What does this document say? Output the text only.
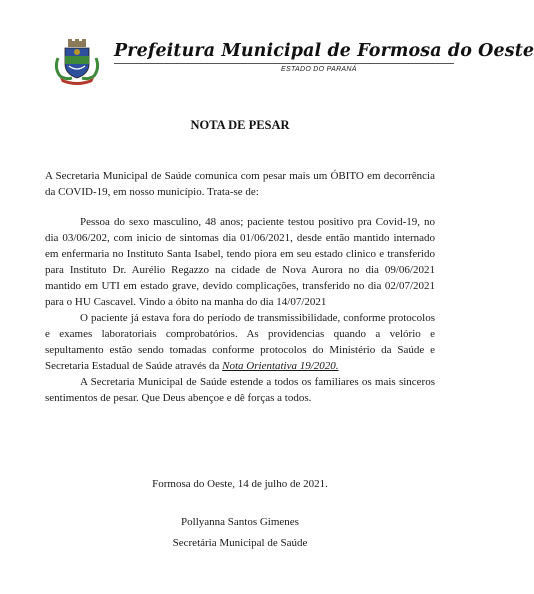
Prefeitura Municipal de Formosa do Oeste
ESTADO DO PARANÁ
NOTA DE PESAR

A Secretaria Municipal de Saúde comunica com pesar mais um ÓBITO em decorrência da COVID-19, em nosso município. Trata-se de:

Pessoa do sexo masculino, 48 anos; paciente testou positivo pra Covid-19, no dia 03/06/202, com inicio de sintomas dia 01/06/2021, desde então mantido internado em enfermaria no Instituto Santa Isabel, tendo piora em seu estado clinico e transferido para Instituto Dr. Aurélio Regazzo na cidade de Nova Aurora no dia 09/06/2021 mantido em UTI em estado grave, devido complicações, transferido no dia 02/07/2021 para o HU Cascavel. Vindo a óbito na manha do dia 14/07/2021

O paciente já estava fora do período de transmissibilidade, conforme protocolos e exames laboratoriais comprobatórios. As providencias quando a velório e sepultamento estão sendo tomadas conforme protocolos do Ministério da Saúde e Secretaria Estadual de Saúde através da Nota Orientativa 19/2020.

A Secretaria Municipal de Saúde estende a todos os familiares os mais sinceros sentimentos de pesar. Que Deus abençoe e dê forças a todos.

Formosa do Oeste, 14 de julho de 2021.
Pollyanna Santos Gimenes
Secretária Municipal de Saúde
